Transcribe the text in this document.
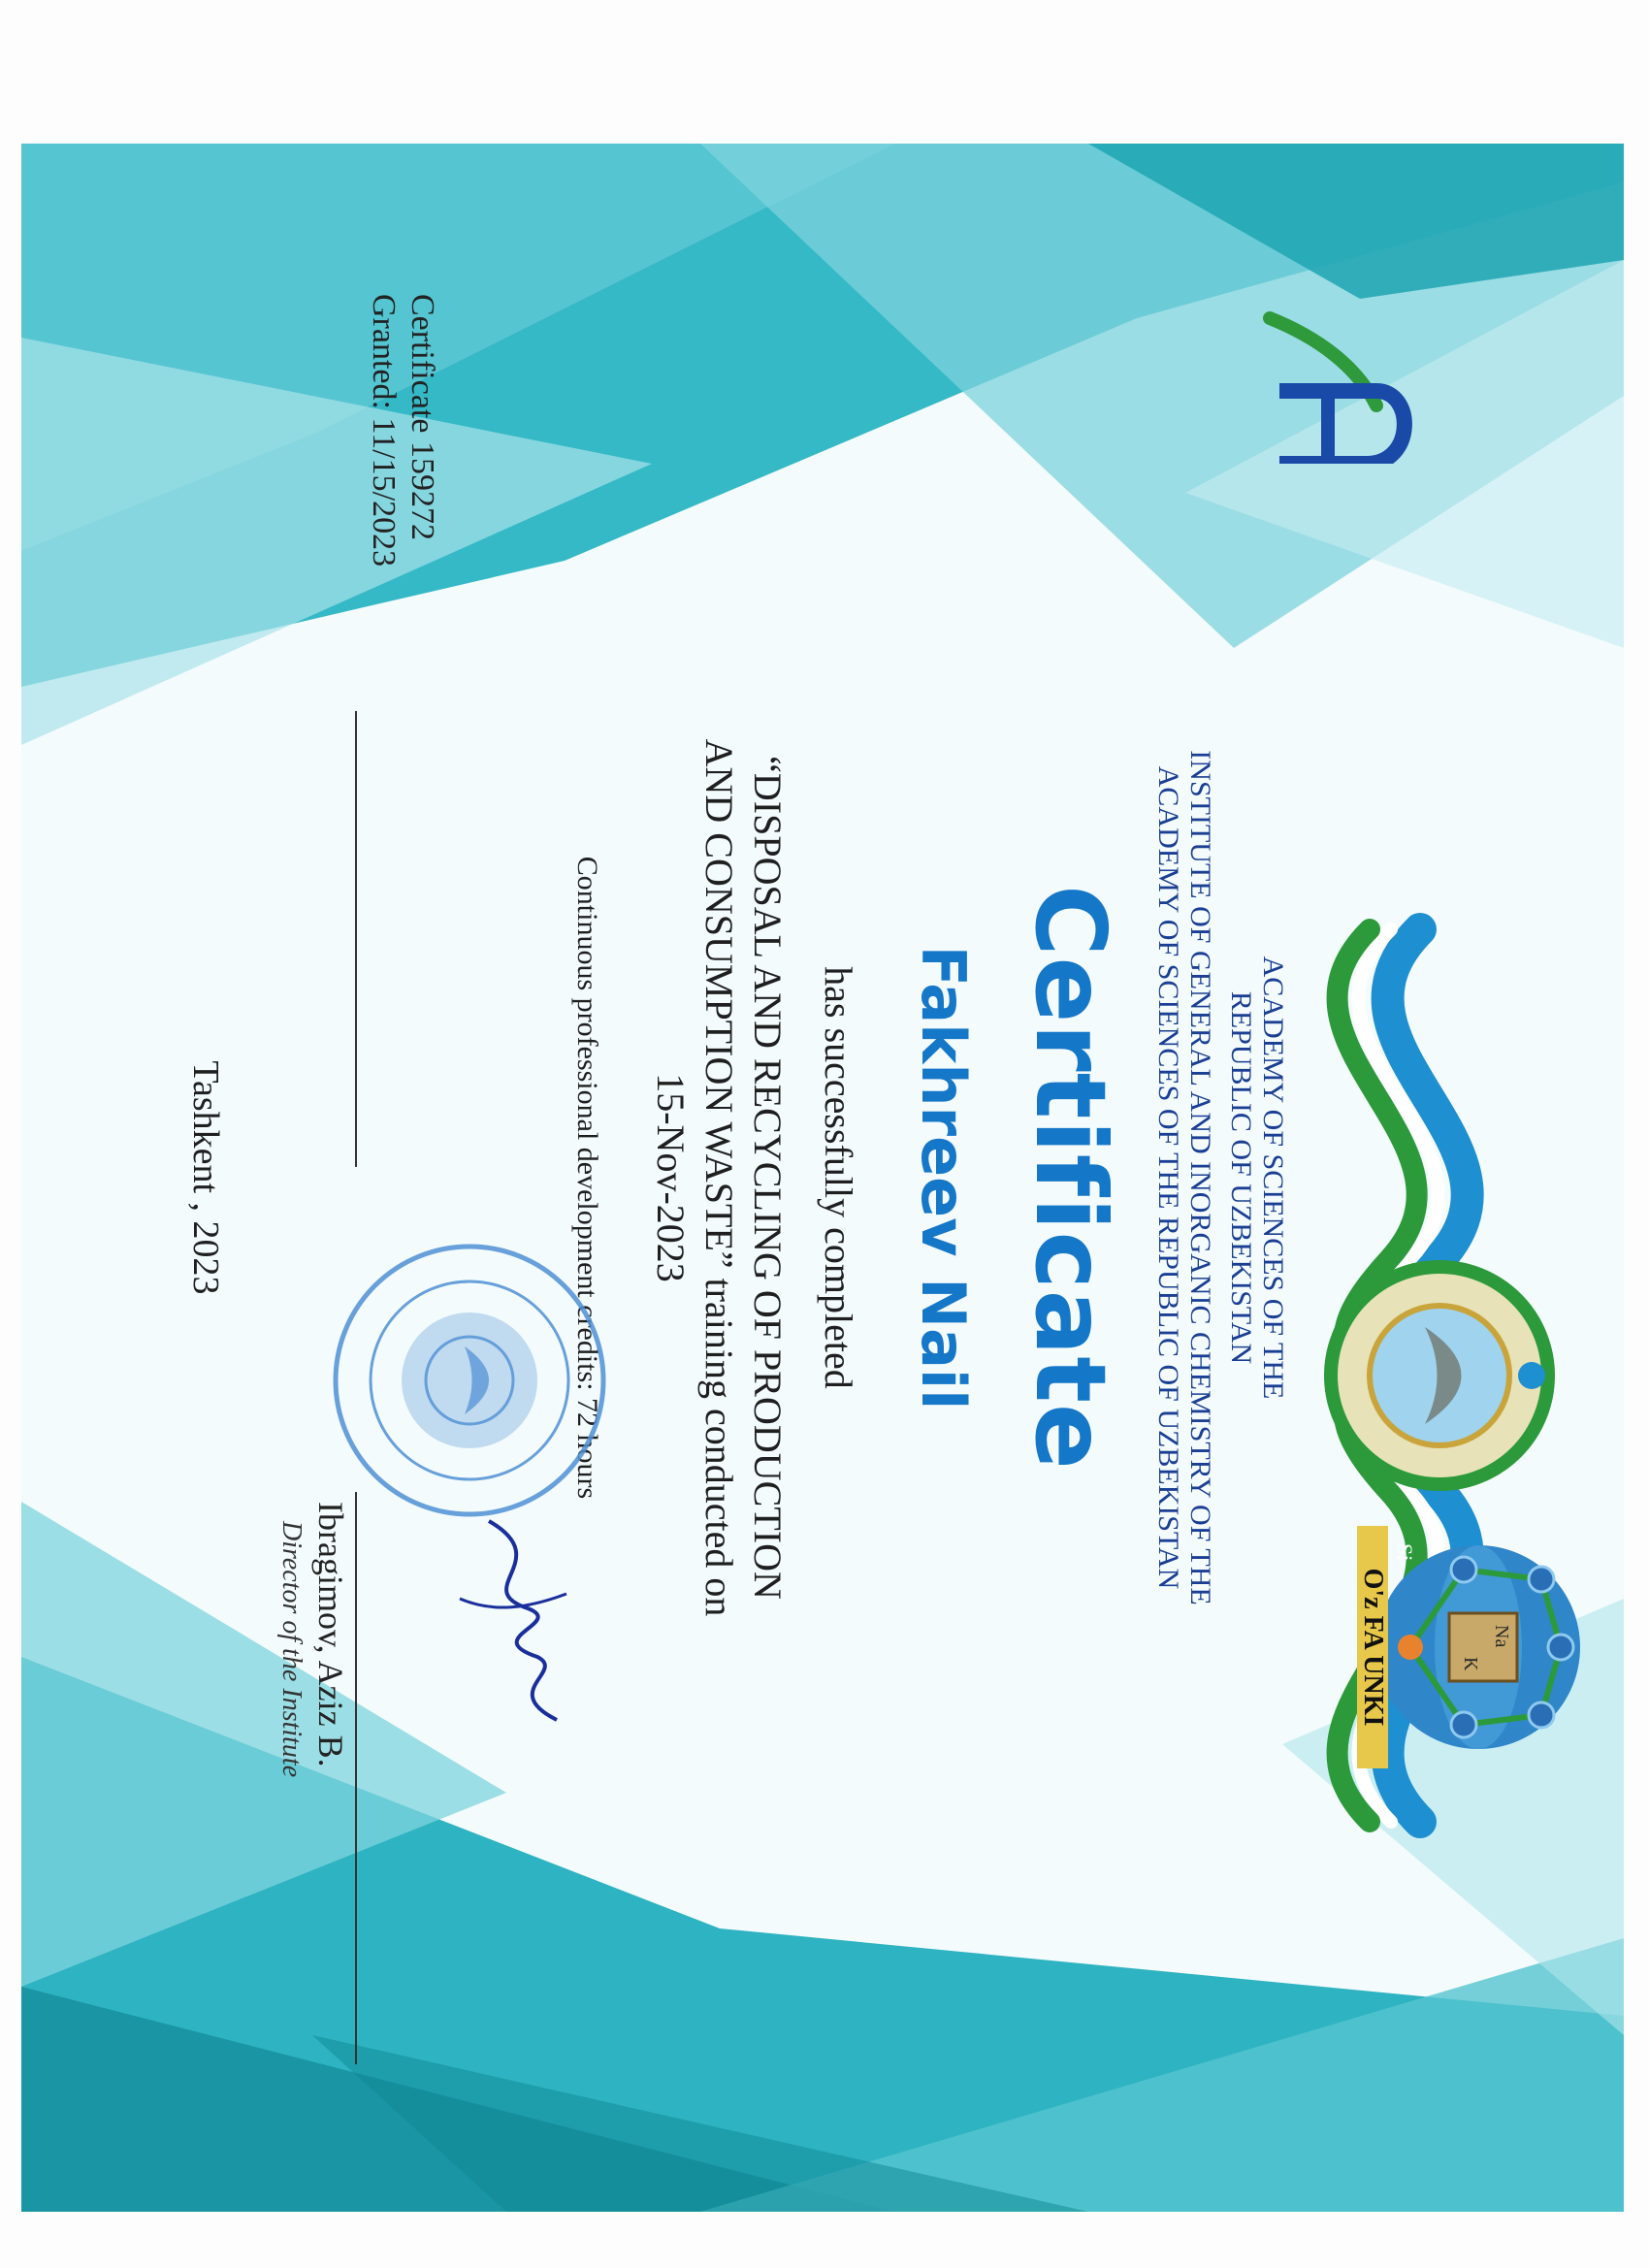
Na
K
Si
O'z FA UNKI
ACADEMY OF SCIENCES OF THE
REPUBLIC OF UZBEKISTAN
INSTITUTE OF GENERAL AND INORGANIC CHEMISTRY OF THE
ACADEMY OF SCIENCES OF THE REPUBLIC OF UZBEKISTAN
Certificate
Fakhreev Nail
has successfully completed
“DISPOSAL AND RECYCLING OF PRODUCTION
AND CONSUMPTION WASTE” training conducted on
15-Nov-2023
Continuous professional development credits: 72 hours
Certificate 159272
Granted: 11/15/2023
Ibragimov, Aziz B.
Director of the Institute
Tashkent , 2023
